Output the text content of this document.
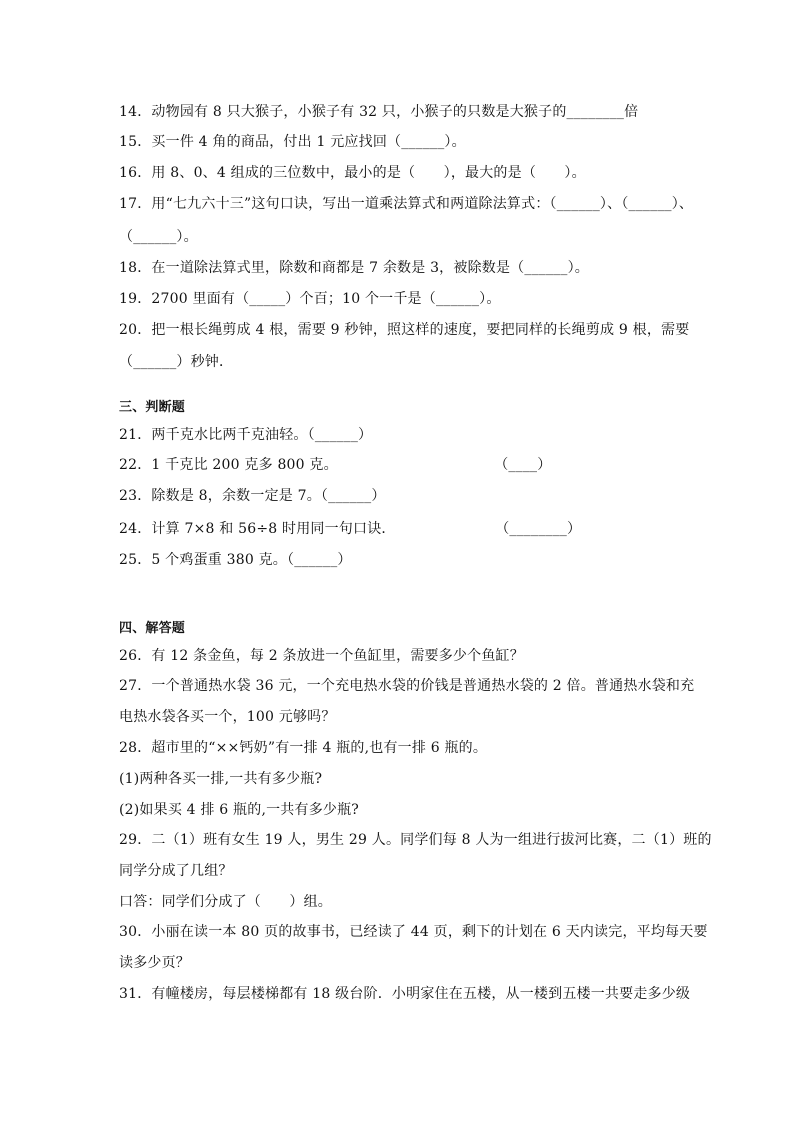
14．动物园有 8 只大猴子，小猴子有 32 只，小猴子的只数是大猴子的________倍
15．买一件 4 角的商品，付出 1 元应找回（______）。
16．用 8、0、4 组成的三位数中，最小的是（　　），最大的是（　　）。
17．用“七九六十三”这句口诀，写出一道乘法算式和两道除法算式：（______）、（______）、
（______）。
18．在一道除法算式里，除数和商都是 7 余数是 3，被除数是（______）。
19．2700 里面有（_____）个百；10 个一千是（______）。
20．把一根长绳剪成 4 根，需要 9 秒钟，照这样的速度，要把同样的长绳剪成 9 根，需要
（______）秒钟．
三、判断题
21．两千克水比两千克油轻。（______）
22．1 千克比 200 克多 800 克。　　　　　　　　　　　　（____）
23．除数是 8，余数一定是 7。（______）
24．计算 7×8 和 56÷8 时用同一句口诀．　　　　　　　　（________）
25．5 个鸡蛋重 380 克。（______）
四、解答题
26．有 12 条金鱼，每 2 条放进一个鱼缸里，需要多少个鱼缸？
27．一个普通热水袋 36 元，一个充电热水袋的价钱是普通热水袋的 2 倍。普通热水袋和充
电热水袋各买一个，100 元够吗？
28．超市里的“××钙奶”有一排 4 瓶的,也有一排 6 瓶的。
(1)两种各买一排,一共有多少瓶?
(2)如果买 4 排 6 瓶的,一共有多少瓶?
29．二（1）班有女生 19 人，男生 29 人。同学们每 8 人为一组进行拔河比赛，二（1）班的
同学分成了几组？
口答：同学们分成了（　　）组。
30．小丽在读一本 80 页的故事书，已经读了 44 页，剩下的计划在 6 天内读完，平均每天要
读多少页？
31．有幢楼房，每层楼梯都有 18 级台阶．小明家住在五楼，从一楼到五楼一共要走多少级
